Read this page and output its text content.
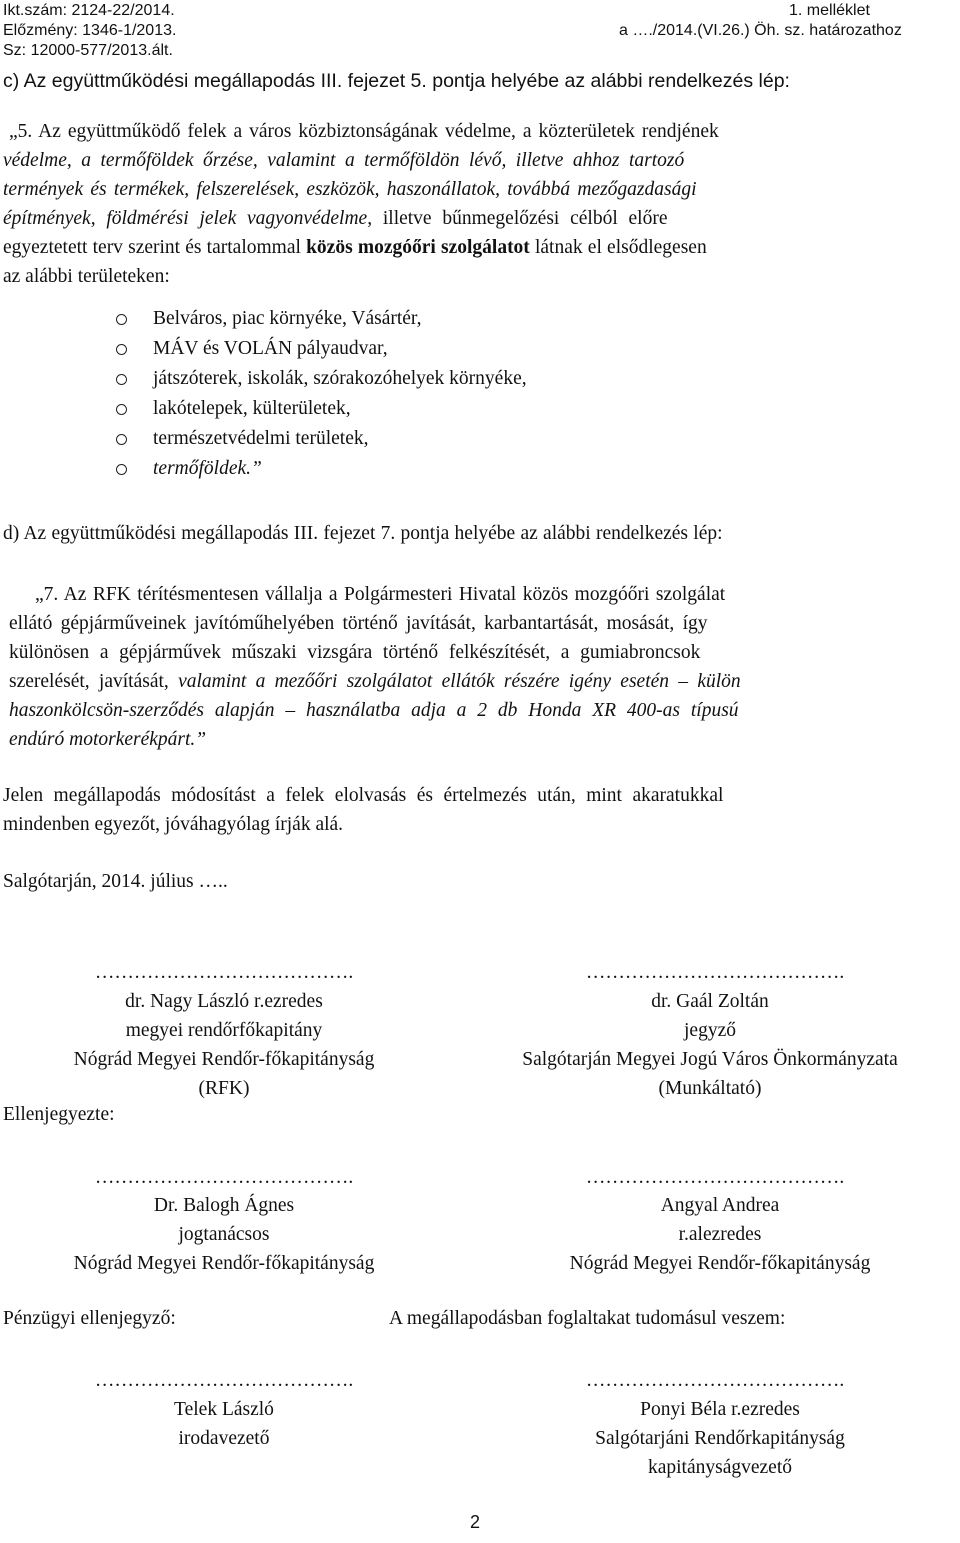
Ikt.szám: 2124-22/2014.
Előzmény: 1346-1/2013.
Sz: 12000-577/2013.ált.
1. melléklet
a …./2014.(VI.26.) Öh. sz. határozathoz
c) Az együttműködési megállapodás III. fejezet 5. pontja helyébe az alábbi rendelkezés lép:
„5. Az együttműködő felek a város közbiztonságának védelme, a közterületek rendjének
védelme, a termőföldek őrzése, valamint a termőföldön lévő, illetve ahhoz tartozó
termények és termékek, felszerelések, eszközök, haszonállatok, továbbá mezőgazdasági
építmények, földmérési jelek vagyonvédelme, illetve bűnmegelőzési célból előre
egyeztetett terv szerint és tartalommal közös mozgóőri szolgálatot látnak el elsődlegesen
az alábbi területeken:
Belváros, piac környéke, Vásártér,
MÁV és VOLÁN pályaudvar,
játszóterek, iskolák, szórakozóhelyek környéke,
lakótelepek, külterületek,
természetvédelmi területek,
termőföldek.”
d) Az együttműködési megállapodás III. fejezet 7. pontja helyébe az alábbi rendelkezés lép:
„7. Az RFK térítésmentesen vállalja a Polgármesteri Hivatal közös mozgóőri szolgálat
ellátó gépjárműveinek javítóműhelyében történő javítását, karbantartását, mosását, így
különösen a gépjárművek műszaki vizsgára történő felkészítését, a gumiabroncsok
szerelését, javítását, valamint a mezőőri szolgálatot ellátók részére igény esetén – külön
haszonkölcsön-szerződés alapján – használatba adja a 2 db Honda XR 400-as típusú
endúró motorkerékpárt.”
Jelen megállapodás módosítást a felek elolvasás és értelmezés után, mint akaratukkal
mindenben egyezőt, jóváhagyólag írják alá.
Salgótarján, 2014. július …..
………………………………….	………………………………….
dr. Nagy László r.ezredes
megyei rendőrfőkapitány
Nógrád Megyei Rendőr-főkapitányság
(RFK)
dr. Gaál Zoltán
jegyző
Salgótarján Megyei Jogú Város Önkormányzata
(Munkáltató)
Ellenjegyezte:
………………………………….	………………………………….
Dr. Balogh Ágnes
jogtanácsos
Nógrád Megyei Rendőr-főkapitányság
Angyal Andrea
r.alezredes
Nógrád Megyei Rendőr-főkapitányság
Pénzügyi ellenjegyző:	A megállapodásban foglaltakat tudomásul veszem:
………………………………….	………………………………….
Telek László
irodavezető
Ponyi Béla r.ezredes
Salgótarjáni Rendőrkapitányság
kapitányságvezető
2
